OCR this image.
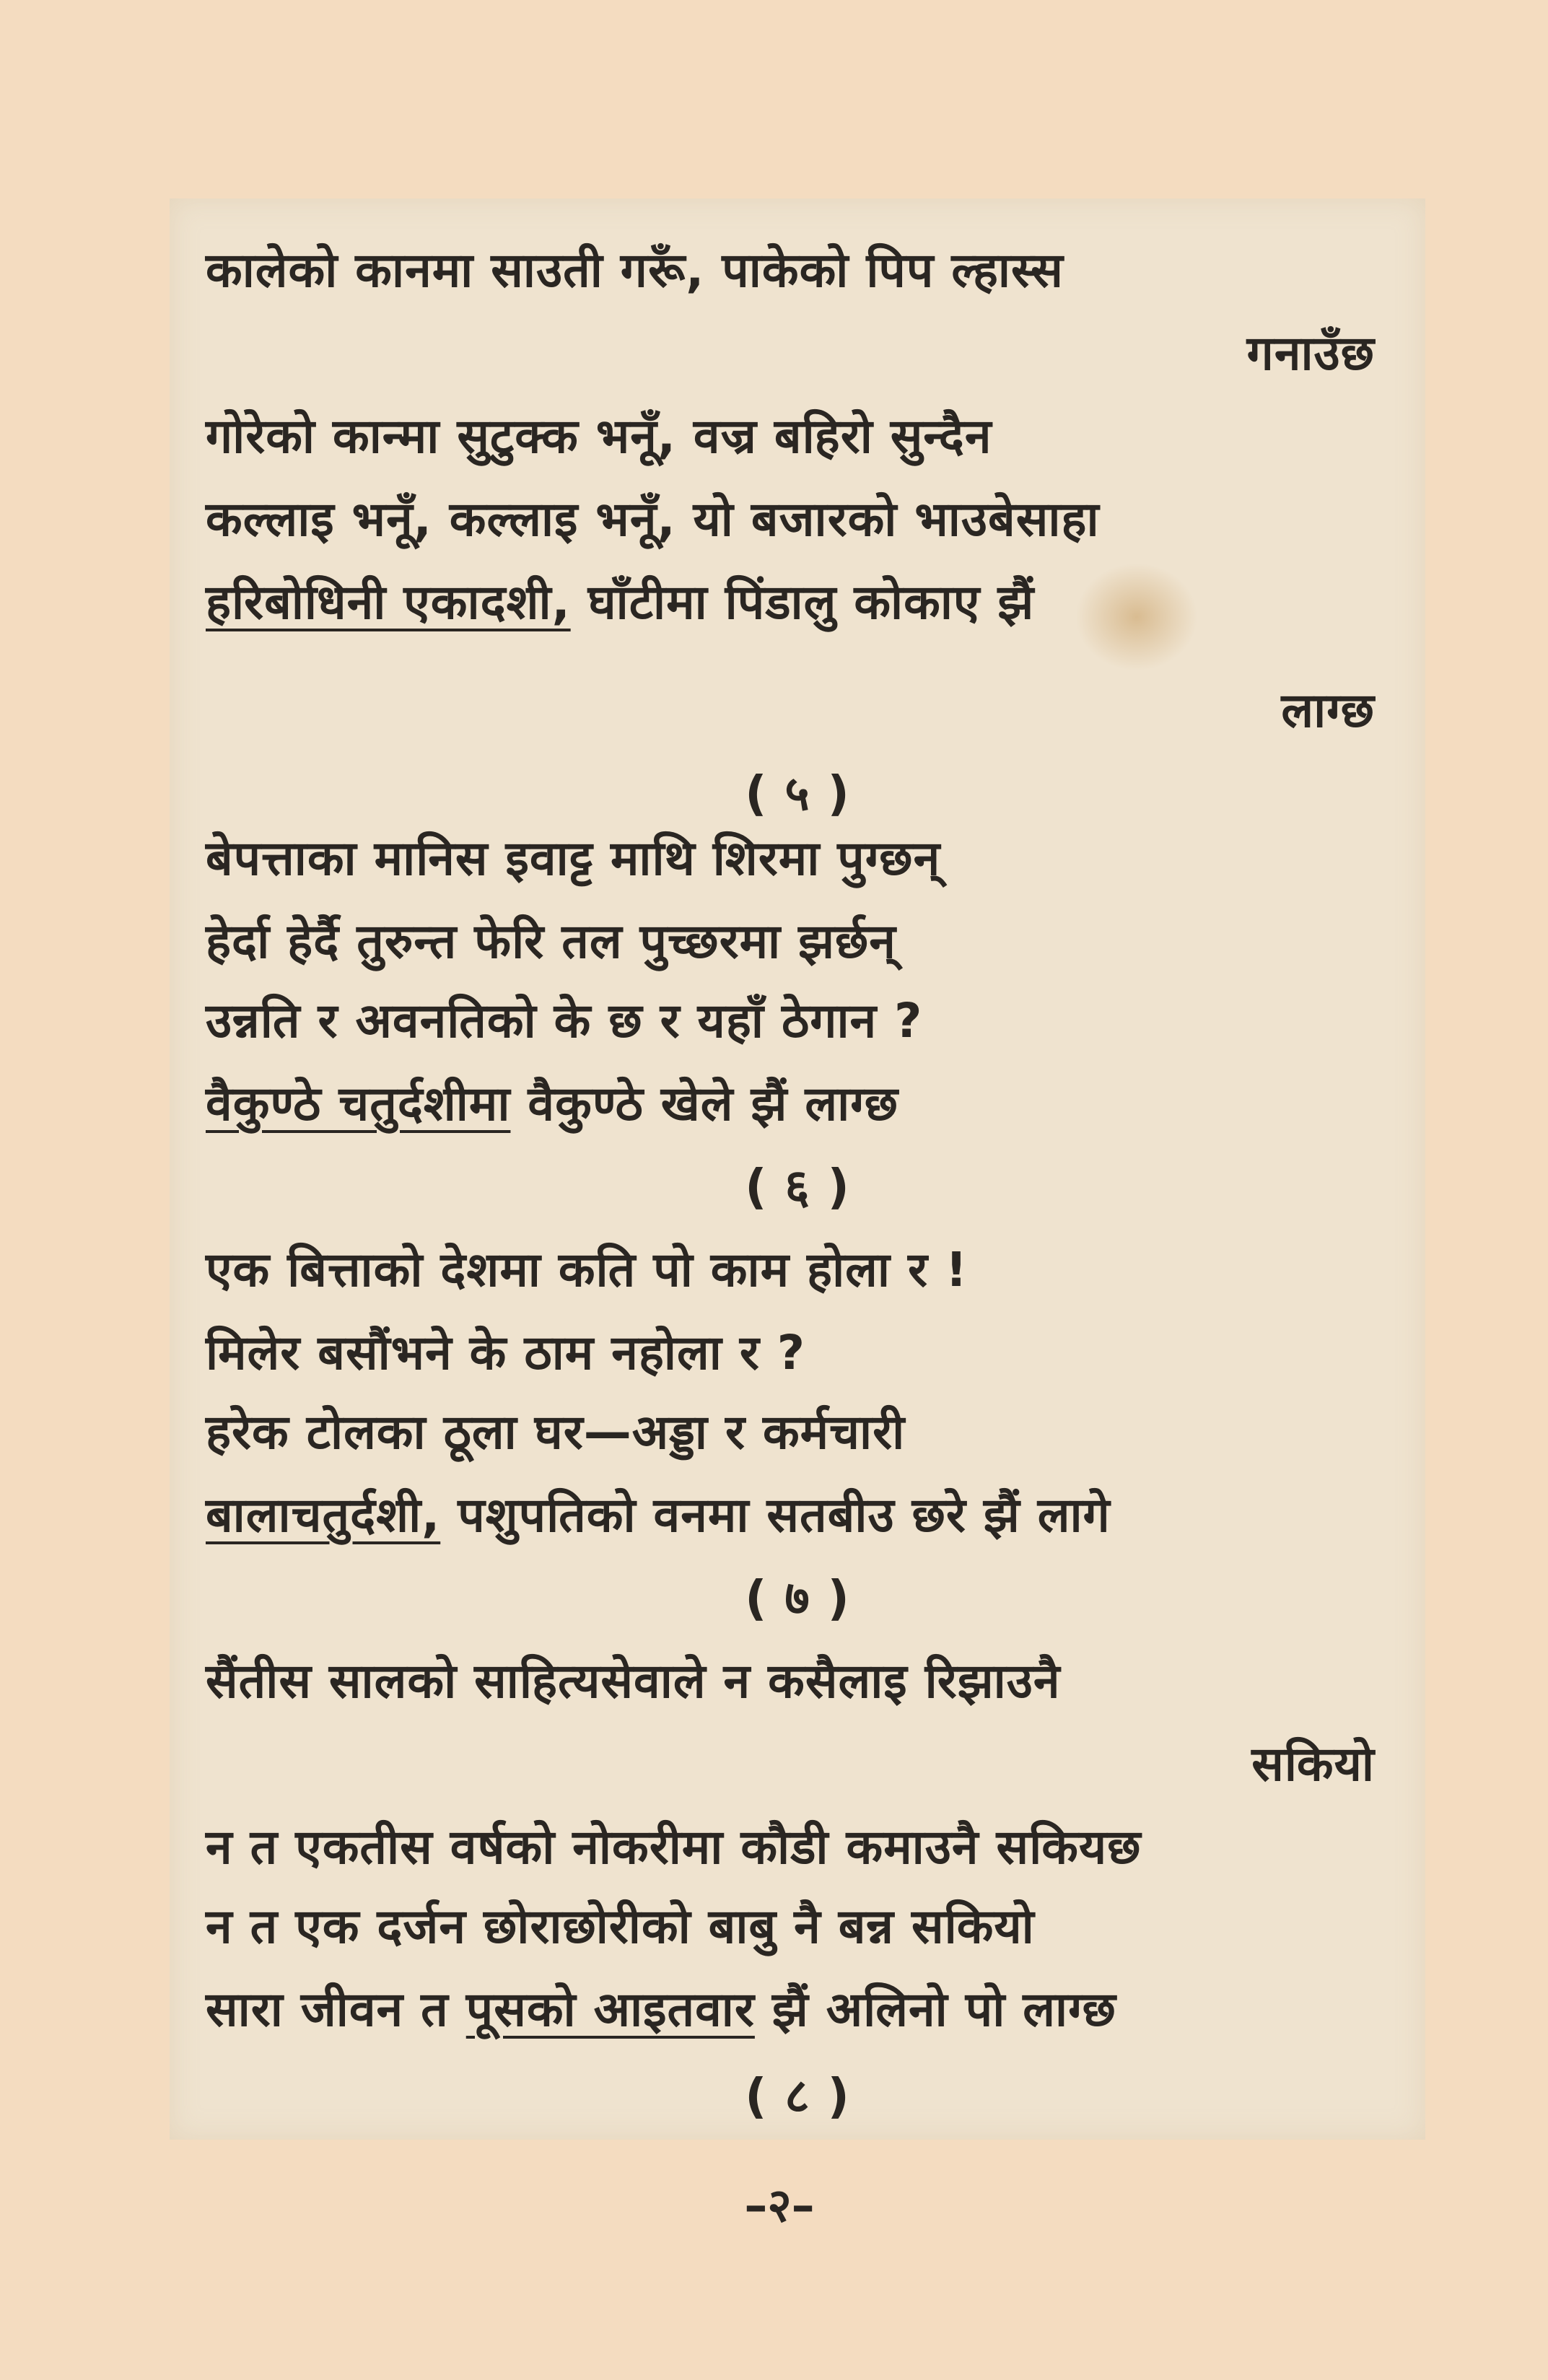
कालेको कानमा साउती गरूँ, पाकेको पिप ल्हास्स
गनाउँछ
गोरेको कान्मा सुटुक्क भनूँ, वज्र बहिरो सुन्दैन
कल्लाइ भनूँ, कल्लाइ भनूँ, यो बजारको भाउबेसाहा
हरिबोधिनी एकादशी, घाँटीमा पिंडालु कोकाए झैं
लाग्छ
( ५ )
बेपत्ताका मानिस इवाट्ट माथि शिरमा पुग्छन्
हेर्दा हेर्दै तुरुन्त फेरि तल पुच्छरमा झर्छन्
उन्नति र अवनतिको के छ र यहाँ ठेगान ?
वैकुण्ठे चतुर्दशीमा वैकुण्ठे खेले झैं लाग्छ
( ६ )
एक बित्ताको देशमा कति पो काम होला र !
मिलेर बसौंभने के ठाम नहोला र ?
हरेक टोलका ठूला घर—अड्डा र कर्मचारी
बालाचतुर्दशी, पशुपतिको वनमा सतबीउ छरे झैं लागे
( ७ )
सैंतीस सालको साहित्यसेवाले न कसैलाइ रिझाउनै
सकियो
न त एकतीस वर्षको नोकरीमा कौडी कमाउनै सकियछ
न त एक दर्जन छोराछोरीको बाबु नै बन्न सकियो
सारा जीवन त पूसको आइतवार झैं अलिनो पो लाग्छ
( ८ )
–२–
